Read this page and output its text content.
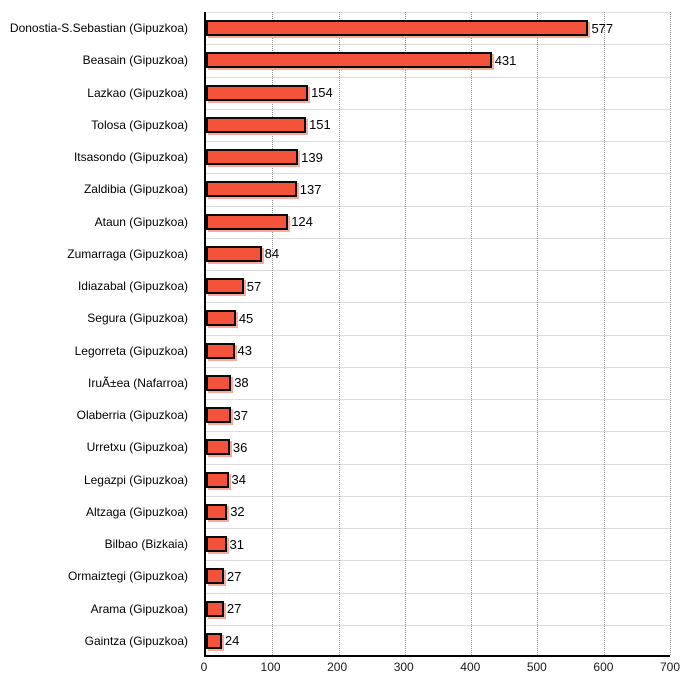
Donostia-S.Sebastian (Gipuzkoa)
Beasain (Gipuzkoa)
Lazkao (Gipuzkoa)
Tolosa (Gipuzkoa)
Itsasondo (Gipuzkoa)
Zaldibia (Gipuzkoa)
Ataun (Gipuzkoa)
Zumarraga (Gipuzkoa)
Idiazabal (Gipuzkoa)
Segura (Gipuzkoa)
Legorreta (Gipuzkoa)
IruÃ±ea (Nafarroa)
Olaberria (Gipuzkoa)
Urretxu (Gipuzkoa)
Legazpi (Gipuzkoa)
Altzaga (Gipuzkoa)
Bilbao (Bizkaia)
Ormaiztegi (Gipuzkoa)
Arama (Gipuzkoa)
Gaintza (Gipuzkoa)
577
431
154
151
139
137
124
84
57
45
43
38
37
36
34
32
31
27
27
24
0	100	200	300	400	500	600	700
